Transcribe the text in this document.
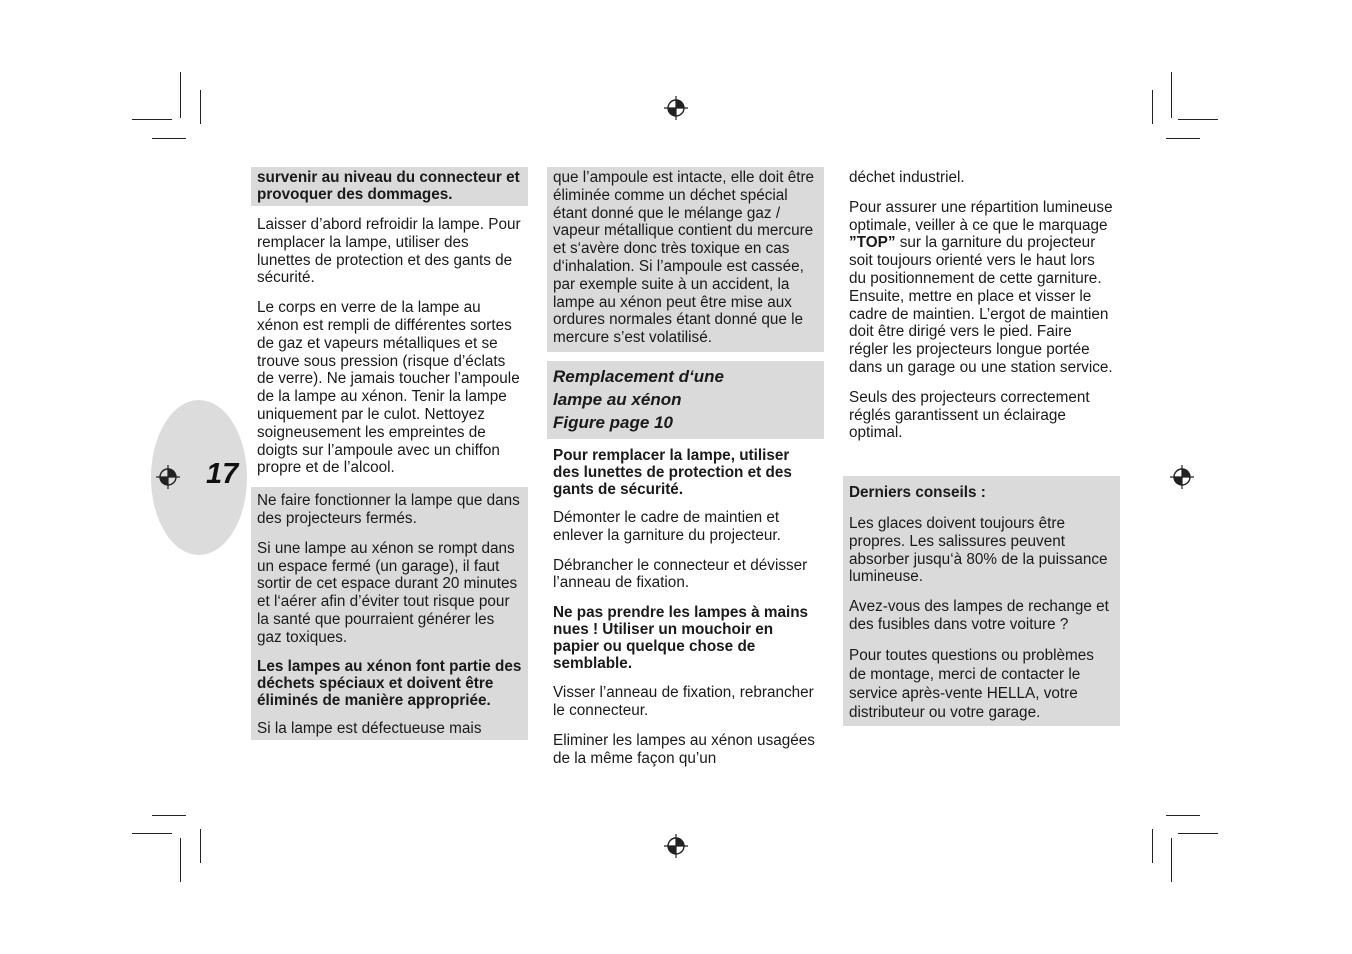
17

survenir au niveau du connecteur et provoquer des dommages.

Laisser d’abord refroidir la lampe. Pour remplacer la lampe, utiliser des lunettes de protection et des gants de sécurité.

Le corps en verre de la lampe au xénon est rempli de différentes sortes de gaz et vapeurs métalliques et se trouve sous pression (risque d’éclats de verre). Ne jamais toucher l’ampoule de la lampe au xénon. Tenir la lampe uniquement par le culot. Nettoyez soigneusement les empreintes de doigts sur l’ampoule avec un chiffon propre et de l’alcool.

Ne faire fonctionner la lampe que dans des projecteurs fermés.

Si une lampe au xénon se rompt dans un espace fermé (un garage), il faut sortir de cet espace durant 20 minutes et l‘aérer afin d’éviter tout risque pour la santé que pourraient générer les gaz toxiques.

Les lampes au xénon font partie des déchets spéciaux et doivent être éliminés de manière appropriée.

Si la lampe est défectueuse mais

que l’ampoule est intacte, elle doit être éliminée comme un déchet spécial étant donné que le mélange gaz / vapeur métallique contient du mercure et s‘avère donc très toxique en cas d‘inhalation. Si l’ampoule est cassée, par exemple suite à un accident, la lampe au xénon peut être mise aux ordures normales étant donné que le mercure s’est volatilisé.

Remplacement d‘une
lampe au xénon
Figure page 10

Pour remplacer la lampe, utiliser des lunettes de protection et des gants de sécurité.

Démonter le cadre de maintien et enlever la garniture du projecteur.

Débrancher le connecteur et dévisser l’anneau de fixation.

Ne pas prendre les lampes à mains nues ! Utiliser un mouchoir en papier ou quelque chose de semblable.

Visser l’anneau de fixation, rebrancher le connecteur.

Eliminer les lampes au xénon usagées de la même façon qu’un

déchet industriel.

Pour assurer une répartition lumineuse optimale, veiller à ce que le marquage ”TOP” sur la garniture du projecteur soit toujours orienté vers le haut lors du positionnement de cette garniture. Ensuite, mettre en place et visser le cadre de maintien. L’ergot de maintien doit être dirigé vers le pied. Faire régler les projecteurs longue portée dans un garage ou une station service.

Seuls des projecteurs correctement réglés garantissent un éclairage optimal.

Derniers conseils :

Les glaces doivent toujours être propres. Les salissures peuvent absorber jusqu‘à 80% de la puissance lumineuse.

Avez-vous des lampes de rechange et des fusibles dans votre voiture ?

Pour toutes questions ou problèmes de montage, merci de contacter le service après-vente HELLA, votre distributeur ou votre garage.
